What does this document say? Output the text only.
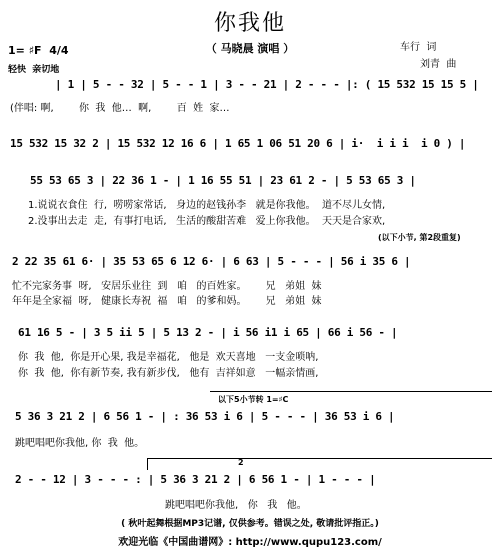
你我他
（ 马晓晨 演唱 ）	车行  词
刘青  曲
1= ♯F  4/4
轻快  亲切地
| 1 | 5 - - 32 | 5 - - 1 | 3 - - 21 | 2 - - - |: ( 15 532 15 15 5 |
(伴唱: 啊,        你  我  他…  啊,        百  姓  家…
15 532 15 32 2 | 15 532 12 16 6 | 1 65 1 06 51 20 6 | i·  i i i  i 0 ) |
55 53 65 3 | 22 36 1 - | 1 16 55 51 | 23 61 2 - | 5 53 65 3 |
1.说说衣食住  行,  唠唠家常话,   身边的赵钱孙李   就是你我他。  道不尽儿女情,
2.没事出去走  走,  有事打电话,   生活的酸甜苦难   爱上你我他。  天天是合家欢,
(以下小节, 第2段重复)
2 22 35 61 6· | 35 53 65 6 12 6· | 6 63 | 5 - - - | 56 i 35 6 |
忙不完家务事  呀,   安居乐业往  到   咱   的百姓家。      兄   弟姐  妹
年年是全家福  呀,   健康长寿祝  福   咱   的爹和妈。      兄   弟姐  妹
61 16 5 - | 3 5 ii 5 | 5 13 2 - | i 56 i1 i 65 | 66 i 56 - |
你  我  他,  你是开心果, 我是幸福花,   他是  欢天喜地   一支金唢呐,
你  我  他,  你有新节奏, 我有新步伐,   他有  吉祥如意   一幅亲情画,
以下5小节转 1=♯C
5 36 3 21 2 | 6 56 1 - | : 36 53 i 6 | 5 - - - | 36 53 i 6 |
跳吧唱吧你我他, 你  我  他。
2
2 - - 12 | 3 - - - : | 5 36 3 21 2 | 6 56 1 - | 1 - - - |
跳吧唱吧你我他,   你   我   他。
( 秋叶起舞根据MP3记谱, 仅供参考。错误之处, 敬请批评指正。)
欢迎光临《中国曲谱网》: http://www.qupu123.com/
